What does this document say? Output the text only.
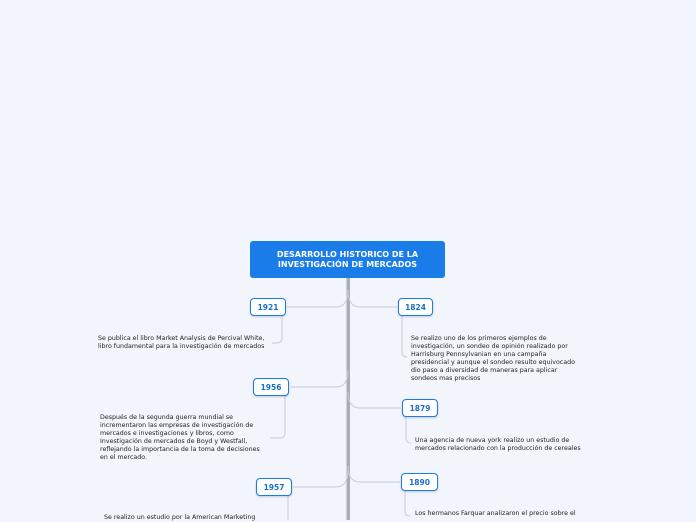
DESARROLLO HISTORICO DE LA
INVESTIGACIÓN DE MERCADOS
1921
Se publica el libro Market Analysis de Percival White,
libro fundamental para la investigación de mercados
1956
Después de la segunda guerra mundial se
incrementaron las empresas de investigación de
mercados e investigaciones y libros, como
Investigación de mercados de Boyd y Westfall,
reflejando la importancia de la toma de decisiones
en el mercado.
1957
Se realizo un estudio por la American Marketing
1824
Se realizo uno de los primeros ejemplos de
investigación, un sondeo de opinión realizado por
Harrisburg Pennsylvanian en una campaña
presidencial y aunque el sondeo resulto equivocado
dio paso a diversidad de maneras para aplicar
sondeos mas precisos
1879
Una agencia de nueva york realizo un estudio de
mercados relacionado con la producción de cereales
1890
Los hermanos Farquar analizaron el precio sobre el
